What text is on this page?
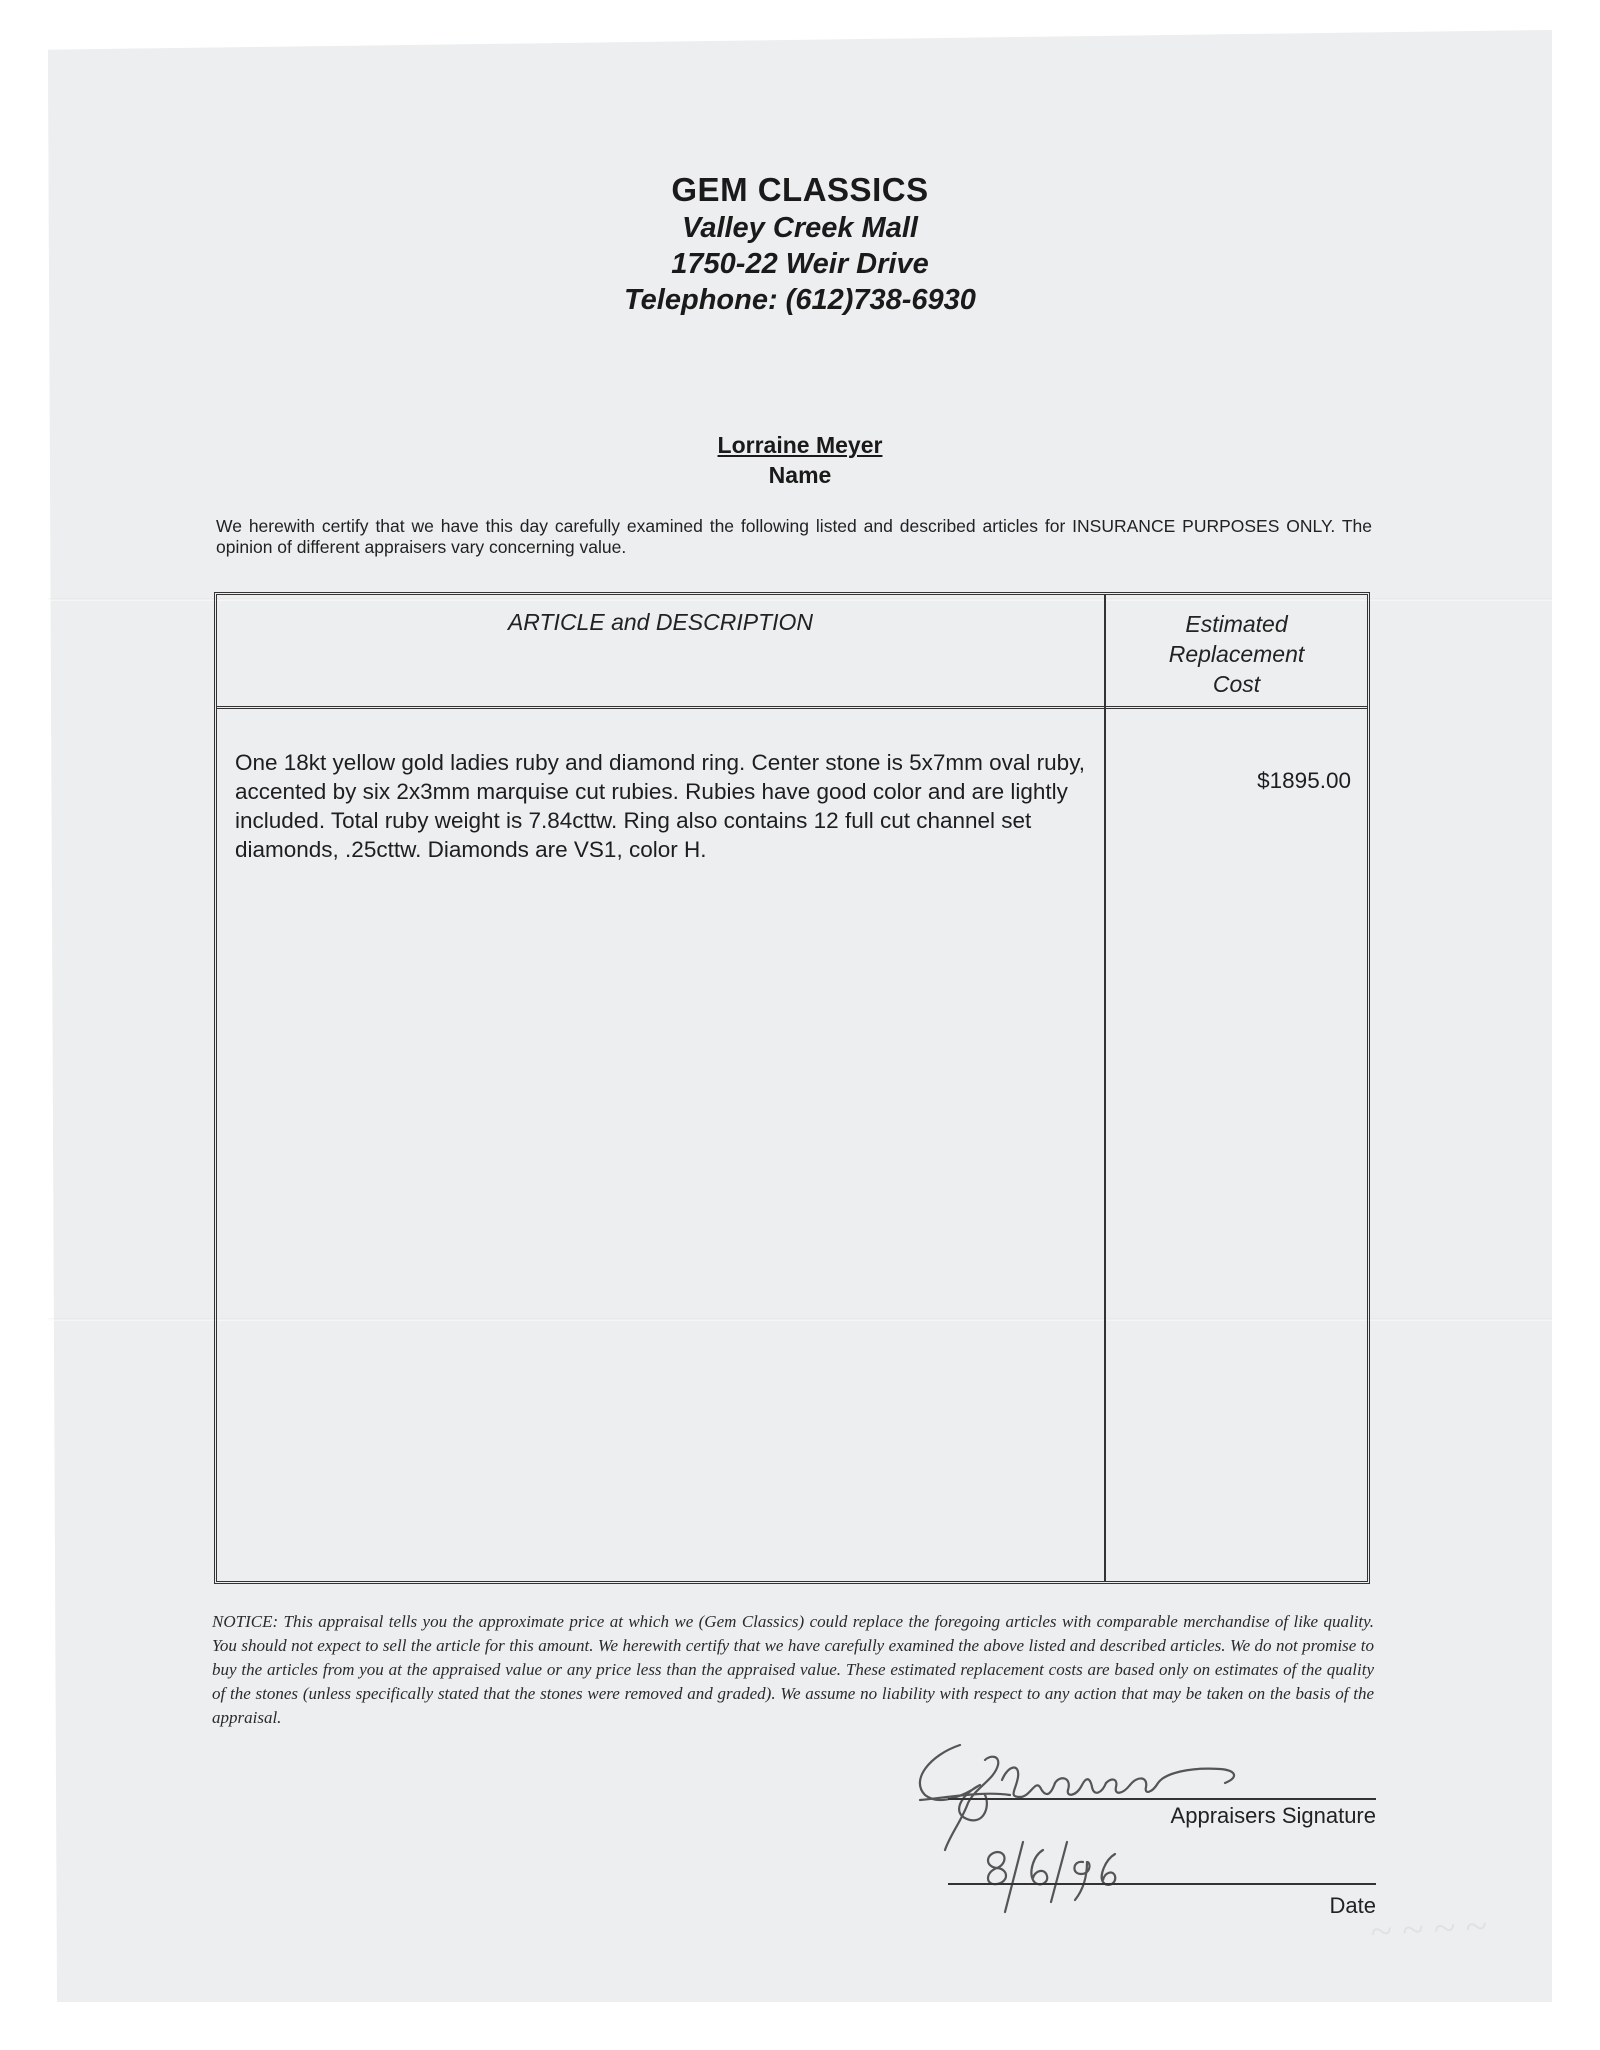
GEM CLASSICS
Valley Creek Mall
1750-22 Weir Drive
Telephone: (612)738-6930
Lorraine Meyer
Name
We herewith certify that we have this day carefully examined the following listed and described articles for INSURANCE PURPOSES ONLY. The opinion of different appraisers vary concerning value.
ARTICLE and DESCRIPTION	Estimated
Replacement
Cost
One 18kt yellow gold ladies ruby and diamond ring. Center stone is 5x7mm oval ruby, accented by six 2x3mm marquise cut rubies. Rubies have good color and are lightly included. Total ruby weight is 7.84cttw. Ring also contains 12 full cut channel set diamonds, .25cttw. Diamonds are VS1, color H.
$1895.00
NOTICE: This appraisal tells you the approximate price at which we (Gem Classics) could replace the foregoing articles with comparable merchandise of like quality. You should not expect to sell the article for this amount. We herewith certify that we have carefully examined the above listed and described articles. We do not promise to buy the articles from you at the appraised value or any price less than the appraised value. These estimated replacement costs are based only on estimates of the quality of the stones (unless specifically stated that the stones were removed and graded). We assume no liability with respect to any action that may be taken on the basis of the appraisal.
Appraisers Signature
Date
~ ~ ~ ~
